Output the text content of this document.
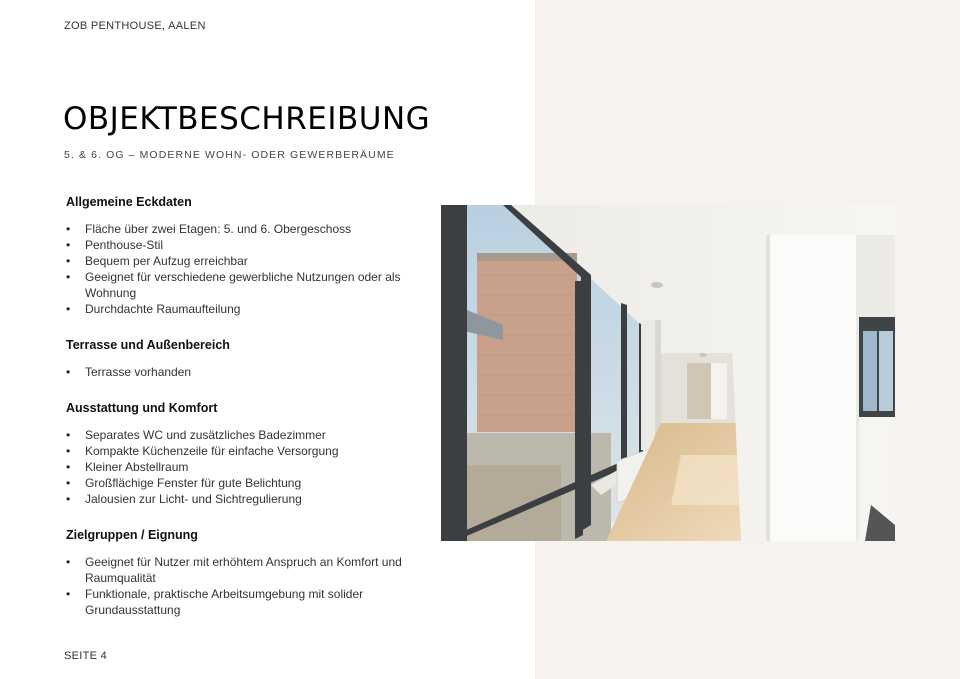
ZOB PENTHOUSE, AALEN
OBJEKTBESCHREIBUNG
5. & 6. OG – MODERNE WOHN- ODER GEWERBERÄUME
Allgemeine Eckdaten
• Fläche über zwei Etagen: 5. und 6. Obergeschoss
• Penthouse-Stil
• Bequem per Aufzug erreichbar
• Geeignet für verschiedene gewerbliche Nutzungen oder als Wohnung
• Durchdachte Raumaufteilung
Terrasse und Außenbereich
• Terrasse vorhanden
Ausstattung und Komfort
• Separates WC und zusätzliches Badezimmer
• Kompakte Küchenzeile für einfache Versorgung
• Kleiner Abstellraum
• Großflächige Fenster für gute Belichtung
• Jalousien zur Licht- und Sichtregulierung
Zielgruppen / Eignung
• Geeignet für Nutzer mit erhöhtem Anspruch an Komfort und Raumqualität
• Funktionale, praktische Arbeitsumgebung mit solider Grundausstattung
SEITE 4
